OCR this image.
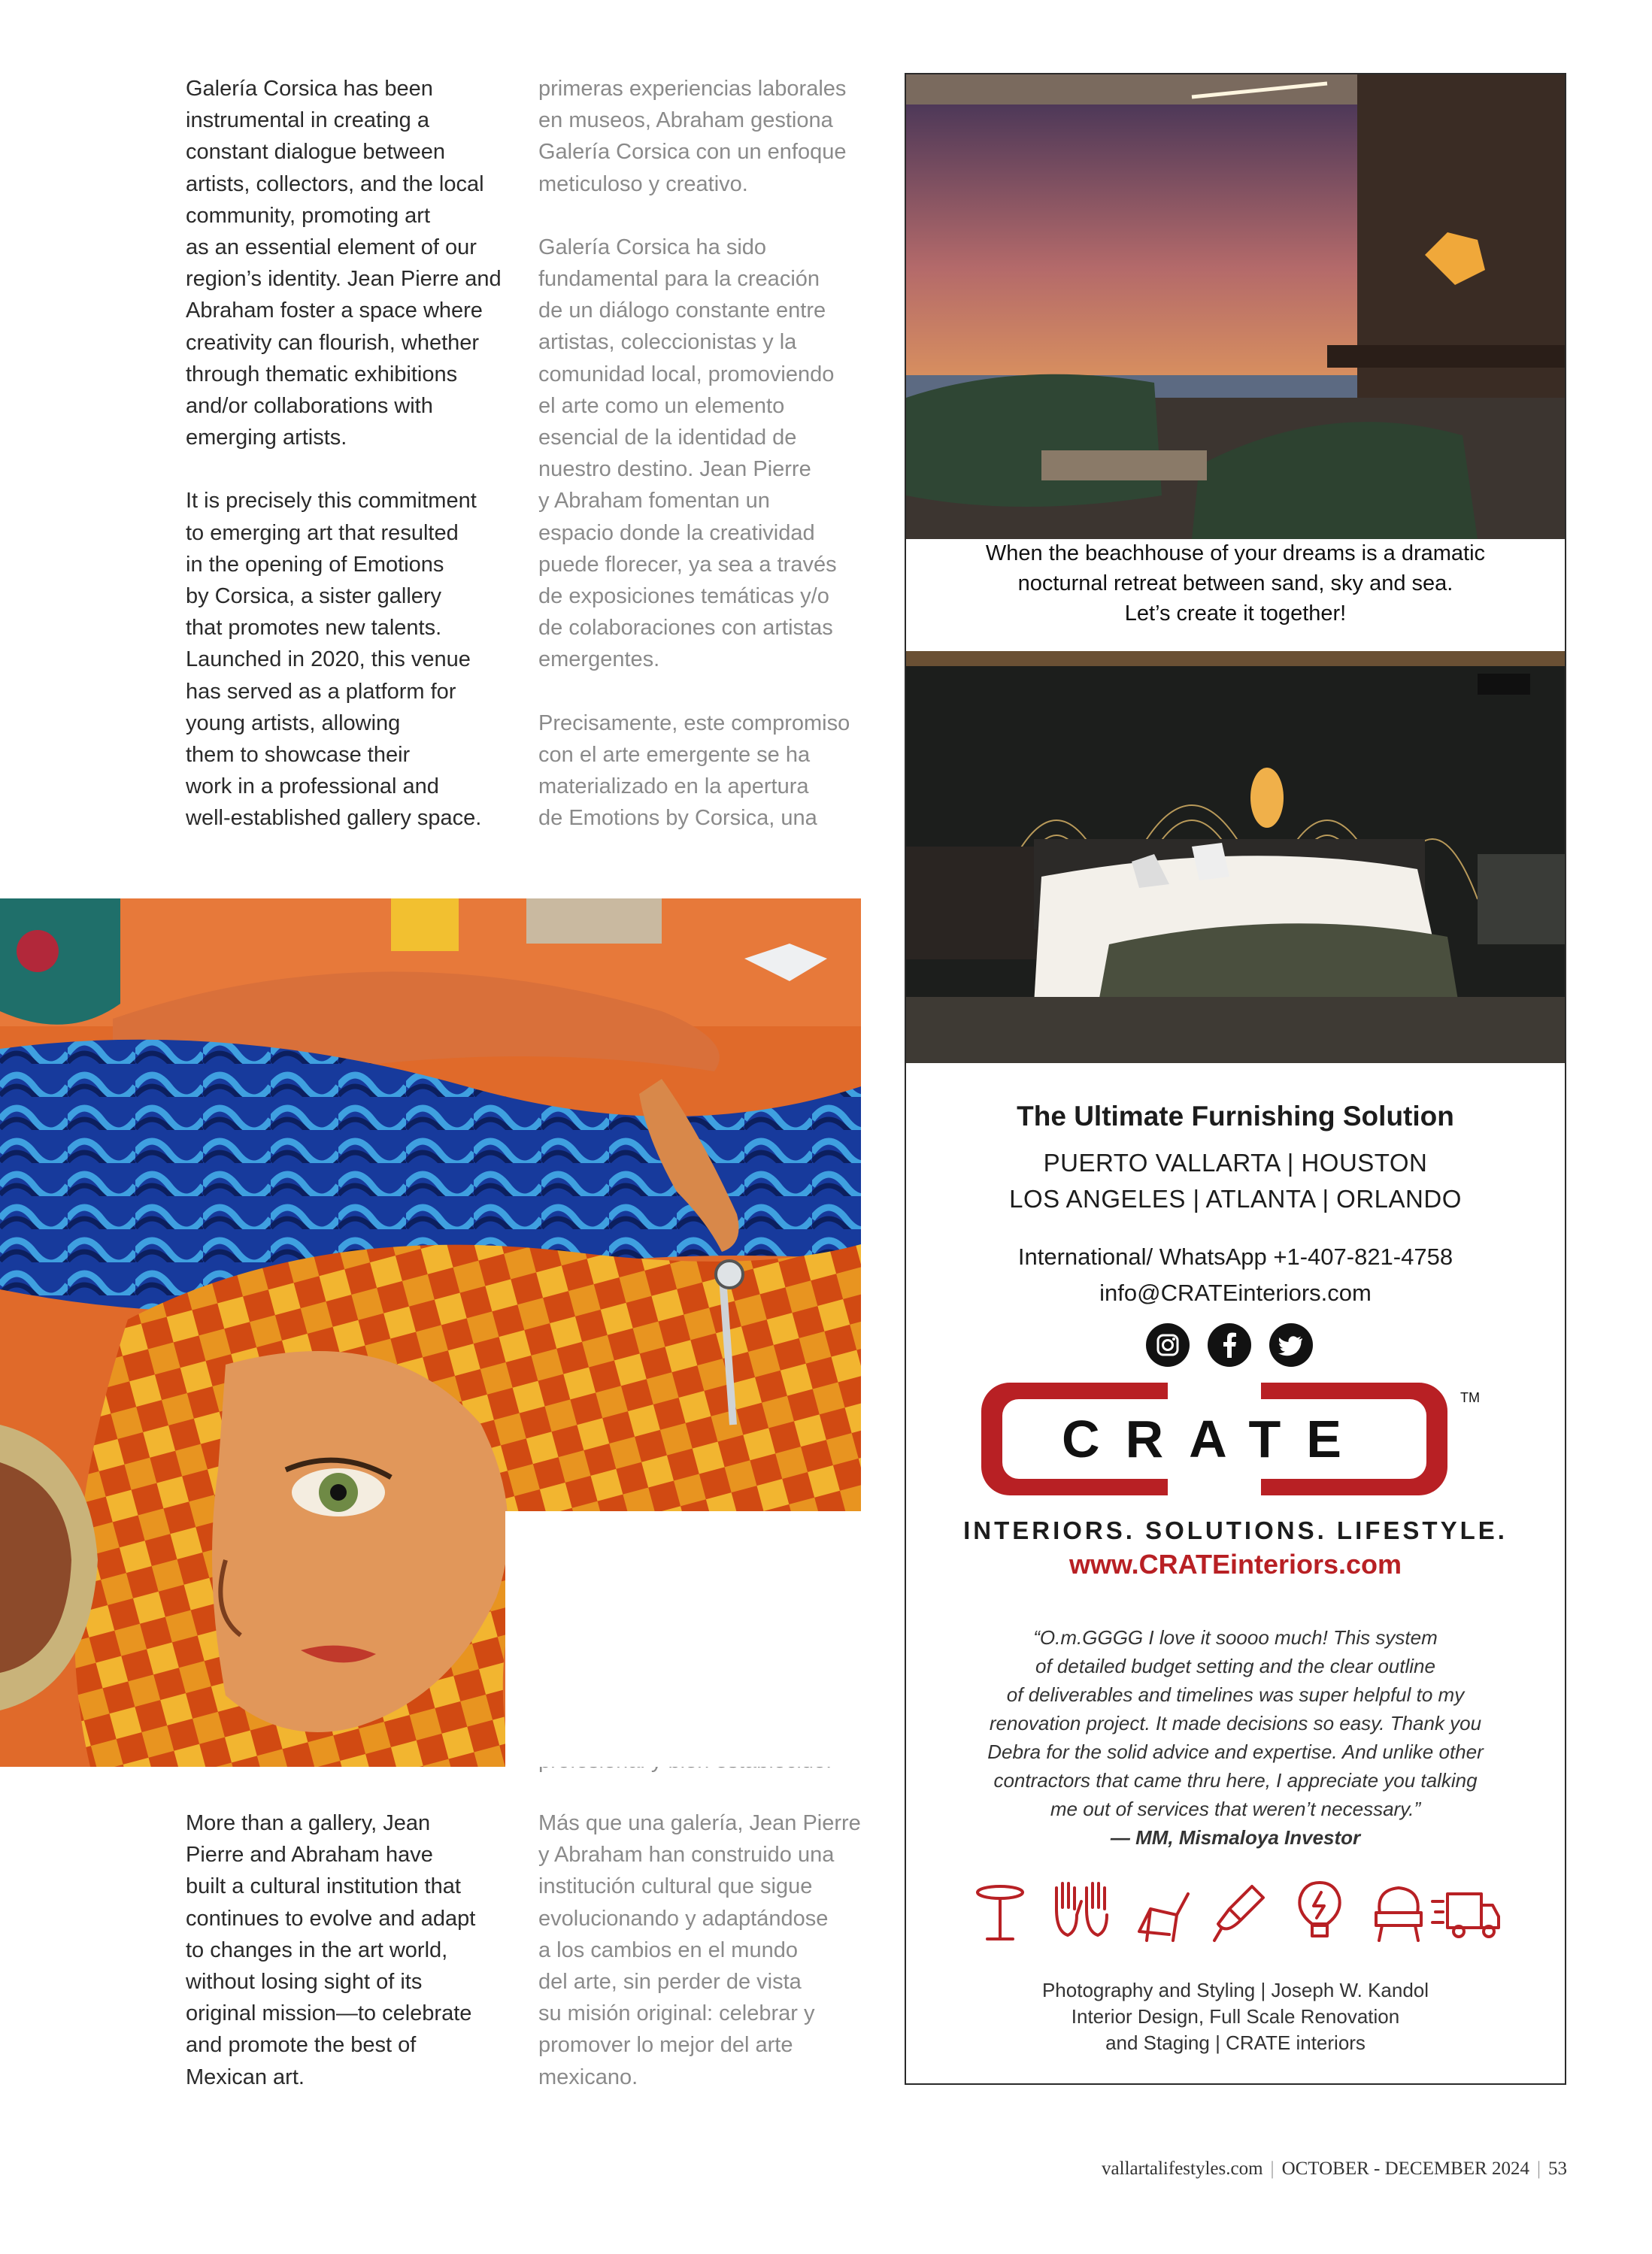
Galería Corsica has been
instrumental in creating a
constant dialogue between
artists, collectors, and the local
community, promoting art
as an essential element of our
region’s identity. Jean Pierre and
Abraham foster a space where
creativity can flourish, whether
through thematic exhibitions
and/or collaborations with
emerging artists.

It is precisely this commitment
to emerging art that resulted
in the opening of Emotions
by Corsica, a sister gallery
that promotes new talents.
Launched in 2020, this venue
has served as a platform for
young artists, allowing
them to showcase their
work in a professional and
well-established gallery space.

primeras experiencias laborales
en museos, Abraham gestiona
Galería Corsica con un enfoque
meticuloso y creativo.

Galería Corsica ha sido
fundamental para la creación
de un diálogo constante entre
artistas, coleccionistas y la
comunidad local, promoviendo
el arte como un elemento
esencial de la identidad de
nuestro destino. Jean Pierre
y Abraham fomentan un
espacio donde la creatividad
puede florecer, ya sea a través
de exposiciones temáticas y/o
de colaboraciones con artistas
emergentes.

Precisamente, este compromiso
con el arte emergente se ha
materializado en la apertura
de Emotions by Corsica, una

More than a gallery, Jean
Pierre and Abraham have
built a cultural institution that
continues to evolve and adapt
to changes in the art world,
without losing sight of its
original mission—to celebrate
and promote the best of
Mexican art.

Más que una galería, Jean Pierre
y Abraham han construido una
institución cultural que sigue
evolucionando y adaptándose
a los cambios en el mundo
del arte, sin perder de vista
su misión original: celebrar y
promover lo mejor del arte
mexicano.

When the beachhouse of your dreams is a dramatic
nocturnal retreat between sand, sky and sea.
Let’s create it together!
The Ultimate Furnishing Solution
PUERTO VALLARTA | HOUSTON
LOS ANGELES | ATLANTA | ORLANDO
International/ WhatsApp +1-407-821-4758
info@CRATEinteriors.com
CRATE
TM
INTERIORS. SOLUTIONS. LIFESTYLE.
www.CRATEinteriors.com

“O.m.GGGG I love it soooo much! This system
of detailed budget setting and the clear outline
of deliverables and timelines was super helpful to my
renovation project. It made decisions so easy. Thank you
Debra for the solid advice and expertise. And unlike other
contractors that came thru here, I appreciate you talking
me out of services that weren’t necessary.”

— MM, Mismaloya Investor

Photography and Styling | Joseph W. Kandol
Interior Design, Full Scale Renovation
and Staging | CRATE interiors
vallartalifestyles.com | OCTOBER - DECEMBER 2024 | 53
